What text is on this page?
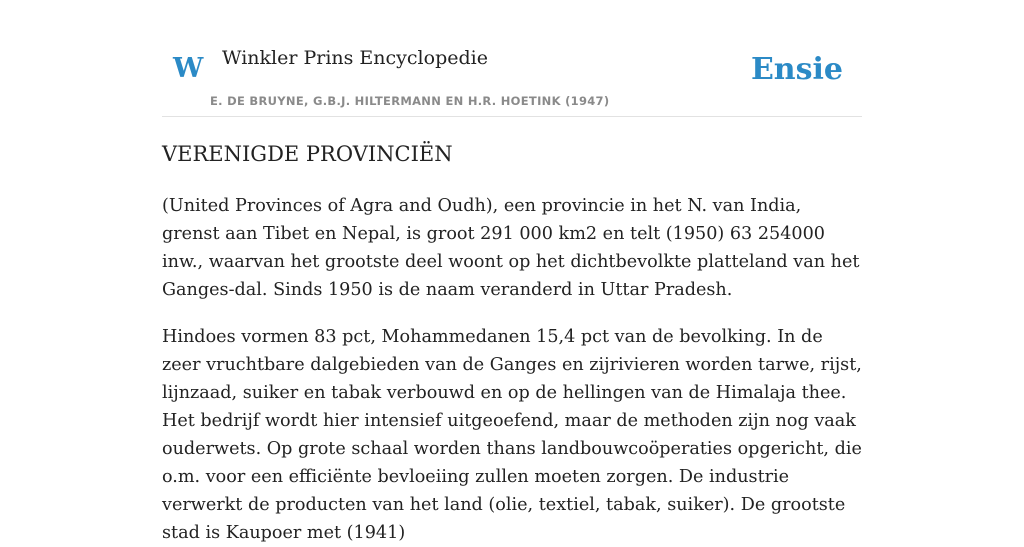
W Winkler Prins Encyclopedie
E. DE BRUYNE, G.B.J. HILTERMANN EN H.R. HOETINK (1947)
Ensie
VERENIGDE PROVINCIËN

(United Provinces of Agra and Oudh), een provincie in het N. van India, grenst aan Tibet en Nepal, is groot 291 000 km2 en telt (1950) 63 254000 inw., waarvan het grootste deel woont op het dichtbevolkte platteland van het Ganges-dal. Sinds 1950 is de naam veranderd in Uttar Pradesh.

Hindoes vormen 83 pct, Mohammedanen 15,4 pct van de bevolking. In de zeer vruchtbare dalgebieden van de Ganges en zijrivieren worden tarwe, rijst, lijnzaad, suiker en tabak verbouwd en op de hellingen van de Himalaja thee. Het bedrijf wordt hier intensief uitgeoefend, maar de methoden zijn nog vaak ouderwets. Op grote schaal worden thans landbouwcoöperaties opgericht, die o.m. voor een efficiënte bevloeiing zullen moeten zorgen. De industrie verwerkt de producten van het land (olie, textiel, tabak, suiker). De grootste stad is Kaupoer met (1941)
